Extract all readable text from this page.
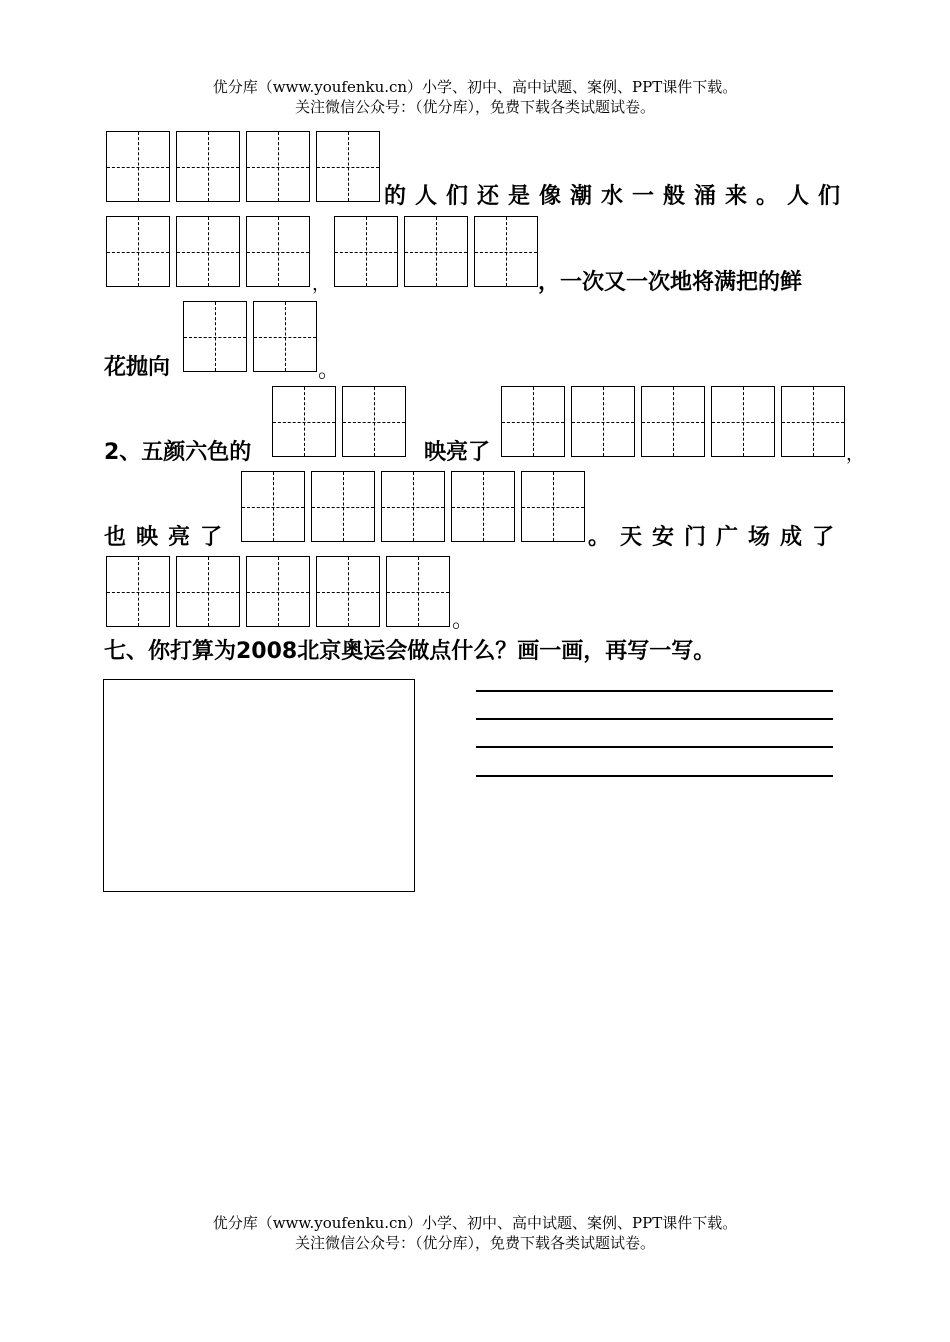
优分库（www.youfenku.cn）小学、初中、高中试题、案例、PPT课件下载。
关注微信公众号：（优分库），免费下载各类试题试卷。
的人们还是像潮水一般涌来。人们
，	，一次又一次地将满把的鲜
花抛向	。
2、五颜六色的	映亮了	，
也映亮了	。天安门广场成了
。
七、你打算为2008北京奥运会做点什么？画一画，再写一写。
优分库（www.youfenku.cn）小学、初中、高中试题、案例、PPT课件下载。
关注微信公众号：（优分库），免费下载各类试题试卷。
